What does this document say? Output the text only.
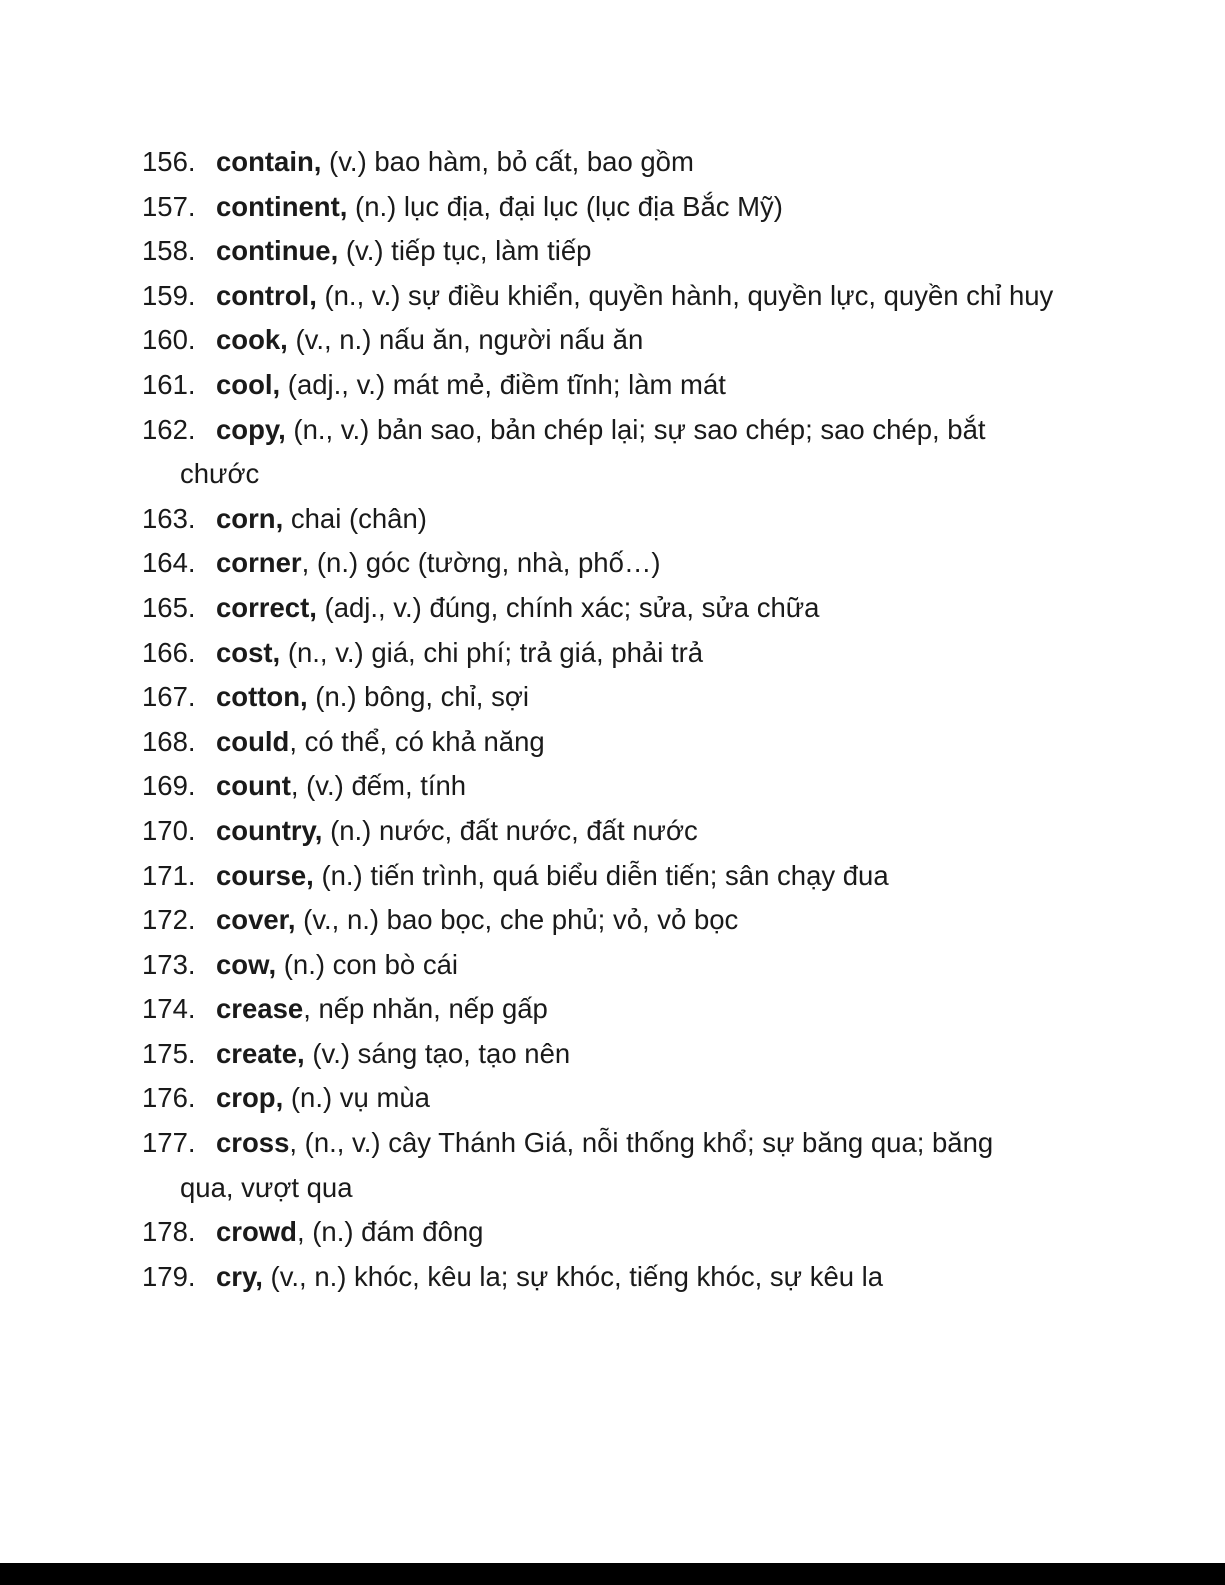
156. contain, (v.) bao hàm, bỏ cất, bao gồm
157. continent, (n.) lục địa, đại lục (lục địa Bắc Mỹ)
158. continue, (v.) tiếp tục, làm tiếp
159. control, (n., v.) sự điều khiển, quyền hành, quyền lực, quyền chỉ huy
160. cook, (v., n.) nấu ăn, người nấu ăn
161. cool, (adj., v.) mát mẻ, điềm tĩnh; làm mát
162. copy, (n., v.) bản sao, bản chép lại; sự sao chép; sao chép, bắt chước
163. corn, chai (chân)
164. corner, (n.) góc (tường, nhà, phố…)
165. correct, (adj., v.) đúng, chính xác; sửa, sửa chữa
166. cost, (n., v.) giá, chi phí; trả giá, phải trả
167. cotton, (n.) bông, chỉ, sợi
168. could, có thể, có khả năng
169. count, (v.) đếm, tính
170. country, (n.) nước, đất nước, đất nước
171. course, (n.) tiến trình, quá biểu diễn tiến; sân chạy đua
172. cover, (v., n.) bao bọc, che phủ; vỏ, vỏ bọc
173. cow, (n.) con bò cái
174. crease, nếp nhăn, nếp gấp
175. create, (v.) sáng tạo, tạo nên
176. crop, (n.) vụ mùa
177. cross, (n., v.) cây Thánh Giá, nỗi thống khổ; sự băng qua; băng qua, vượt qua
178. crowd, (n.) đám đông
179. cry, (v., n.) khóc, kêu la; sự khóc, tiếng khóc, sự kêu la
